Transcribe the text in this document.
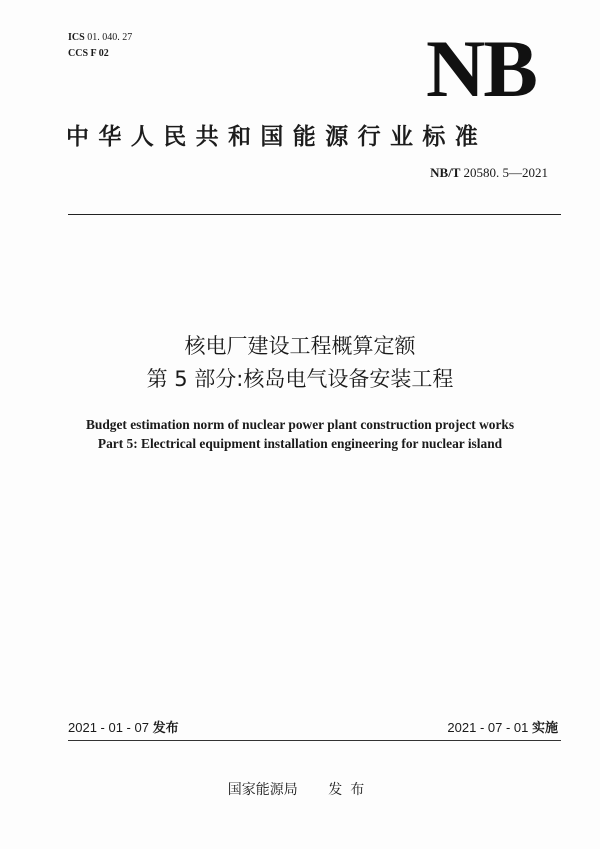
ICS 01. 040. 27
CCS F 02	NB
中华人民共和国能源行业标准
NB/T 20580. 5—2021
核电厂建设工程概算定额
第 5 部分:核岛电气设备安装工程
Budget estimation norm of nuclear power plant construction project works
Part 5: Electrical equipment installation engineering for nuclear island
2021 - 01 - 07 发布	2021 - 07 - 01 实施
国家能源局 发布
